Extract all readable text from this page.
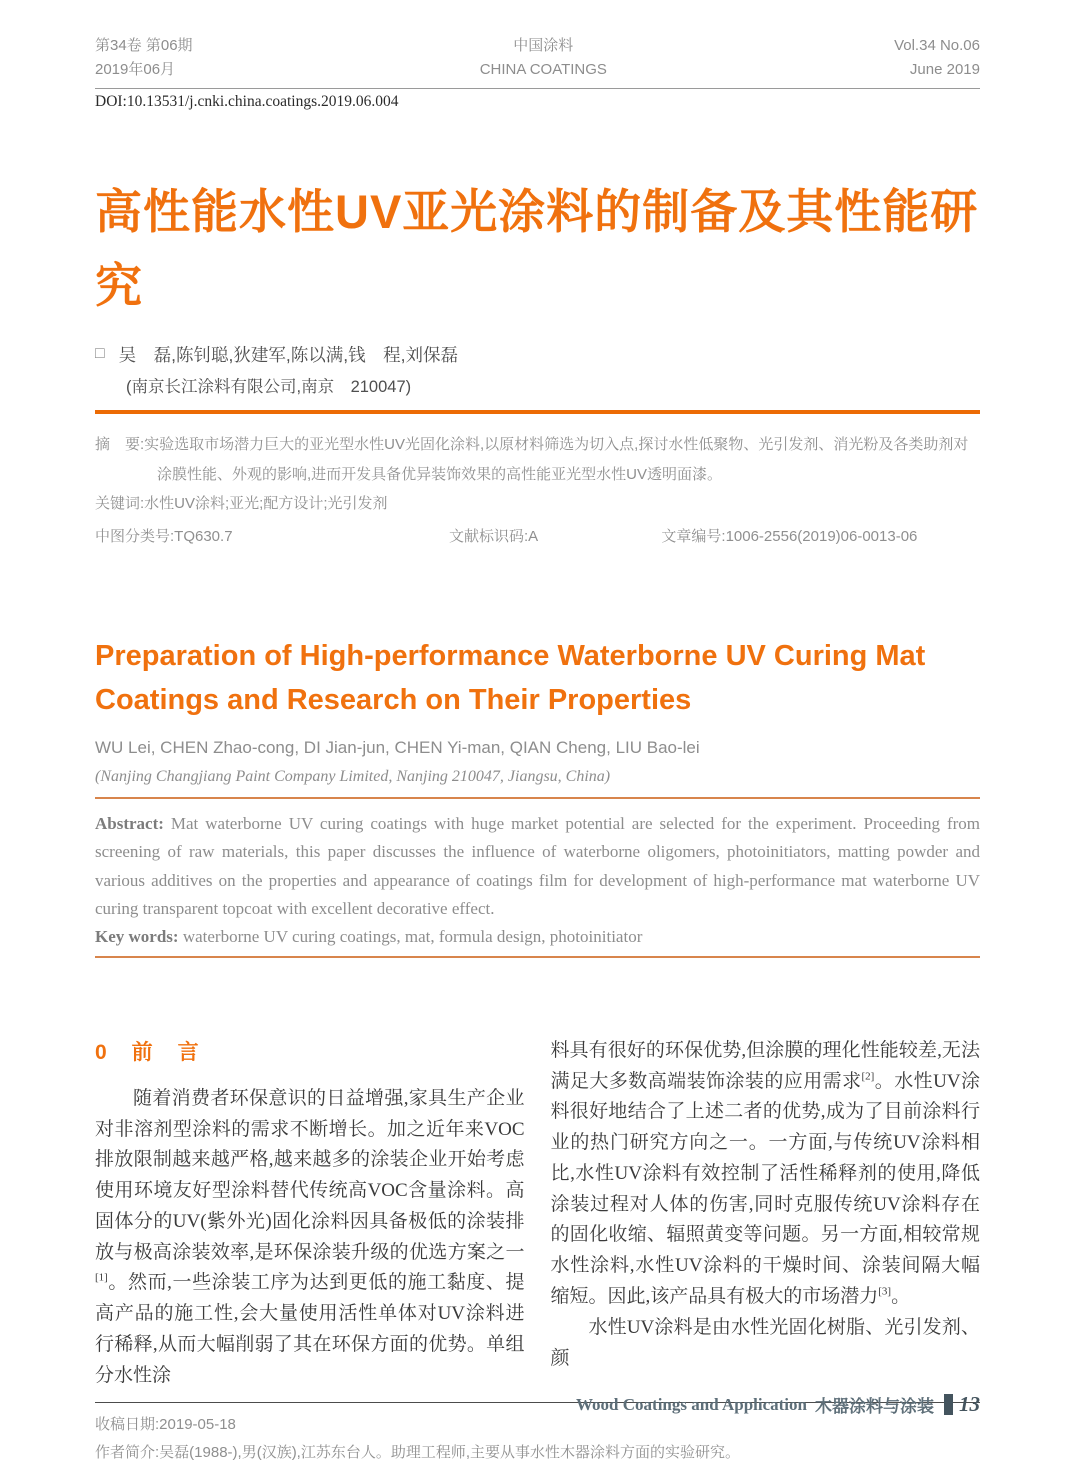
第34卷 第06期
2019年06月
中国涂料
CHINA COATINGS
Vol.34 No.06
June 2019
DOI:10.13531/j.cnki.china.coatings.2019.06.004
高性能水性UV亚光涂料的制备及其性能研究
□ 吴　磊,陈钊聪,狄建军,陈以满,钱　程,刘保磊
(南京长江涂料有限公司,南京　210047)
摘　要:实验选取市场潜力巨大的亚光型水性UV光固化涂料,以原材料筛选为切入点,探讨水性低聚物、光引发剂、消光粉及各类助剂对涂膜性能、外观的影响,进而开发具备优异装饰效果的高性能亚光型水性UV透明面漆。
关键词:水性UV涂料;亚光;配方设计;光引发剂
中图分类号:TQ630.7	文献标识码:A	文章编号:1006-2556(2019)06-0013-06
Preparation of High-performance Waterborne UV Curing Mat Coatings and Research on Their Properties
WU Lei, CHEN Zhao-cong, DI Jian-jun, CHEN Yi-man, QIAN Cheng, LIU Bao-lei
(Nanjing Changjiang Paint Company Limited, Nanjing 210047, Jiangsu, China)
Abstract: Mat waterborne UV curing coatings with huge market potential are selected for the experiment. Proceeding from screening of raw materials, this paper discusses the influence of waterborne oligomers, photoinitiators, matting powder and various additives on the properties and appearance of coatings film for development of high-performance mat waterborne UV curing transparent topcoat with excellent decorative effect.
Key words: waterborne UV curing coatings, mat, formula design, photoinitiator
0　前　言

随着消费者环保意识的日益增强,家具生产企业对非溶剂型涂料的需求不断增长。加之近年来VOC排放限制越来越严格,越来越多的涂装企业开始考虑使用环境友好型涂料替代传统高VOC含量涂料。高固体分的UV(紫外光)固化涂料因具备极低的涂装排放与极高涂装效率,是环保涂装升级的优选方案之一[1]。然而,一些涂装工序为达到更低的施工黏度、提高产品的施工性,会大量使用活性单体对UV涂料进行稀释,从而大幅削弱了其在环保方面的优势。单组分水性涂

料具有很好的环保优势,但涂膜的理化性能较差,无法满足大多数高端装饰涂装的应用需求[2]。水性UV涂料很好地结合了上述二者的优势,成为了目前涂料行业的热门研究方向之一。一方面,与传统UV涂料相比,水性UV涂料有效控制了活性稀释剂的使用,降低涂装过程对人体的伤害,同时克服传统UV涂料存在的固化收缩、辐照黄变等问题。另一方面,相较常规水性涂料,水性UV涂料的干燥时间、涂装间隔大幅缩短。因此,该产品具有极大的市场潜力[3]。

水性UV涂料是由水性光固化树脂、光引发剂、颜

收稿日期:2019-05-18
作者简介:吴磊(1988-),男(汉族),江苏东台人。助理工程师,主要从事水性木器涂料方面的实验研究。
Wood Coatings and Application 木器涂料与涂装 13
